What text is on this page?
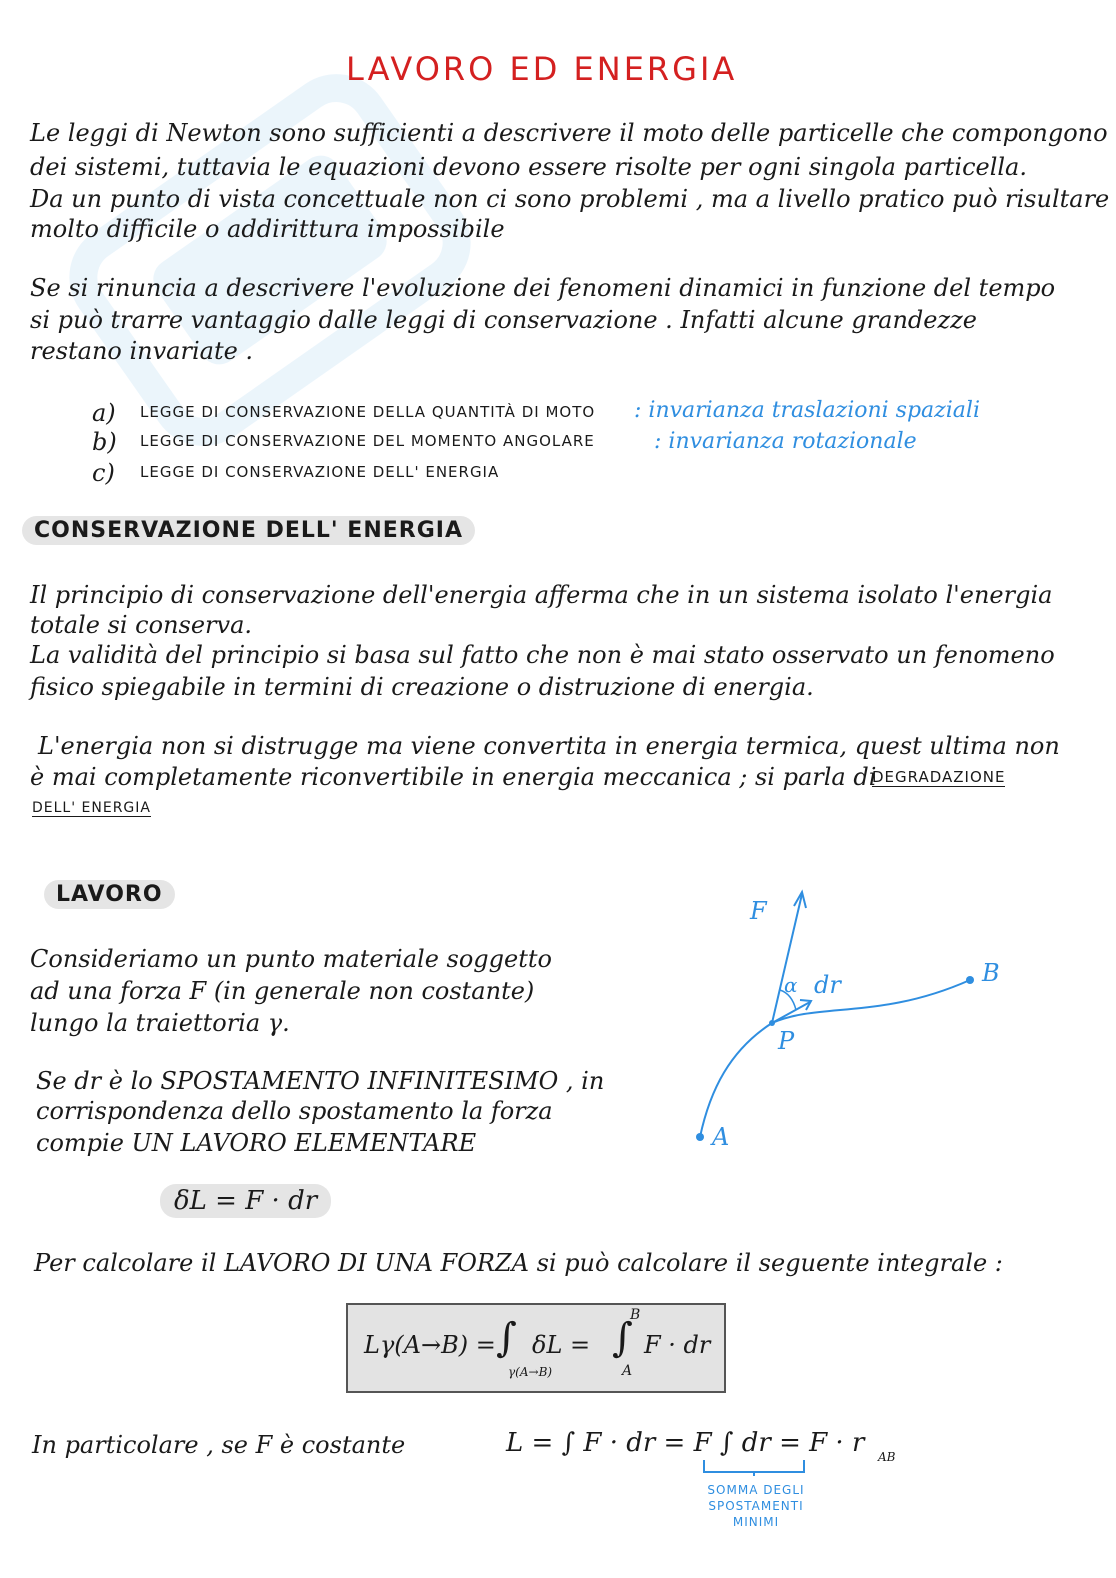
LAVORO ED ENERGIA
Le leggi di Newton sono sufficienti a descrivere il moto delle particelle che compongono
dei sistemi, tuttavia le equazioni devono essere risolte per ogni singola particella.
Da un punto di vista concettuale non ci sono problemi , ma a livello pratico può risultare
molto difficile o addirittura impossibile
Se si rinuncia a descrivere l'evoluzione dei fenomeni dinamici in funzione del tempo
si può trarre vantaggio dalle leggi di conservazione . Infatti alcune grandezze
restano invariate .
a) LEGGE DI CONSERVAZIONE DELLA QUANTITÀ DI MOTO : invarianza traslazioni spaziali
b) LEGGE DI CONSERVAZIONE DEL MOMENTO ANGOLARE	: invarianza rotazionale
c) LEGGE DI CONSERVAZIONE DELL' ENERGIA
CONSERVAZIONE DELL' ENERGIA
Il principio di conservazione dell'energia afferma che in un sistema isolato l'energia
totale si conserva.
La validità del principio si basa sul fatto che non è mai stato osservato un fenomeno
fisico spiegabile in termini di creazione o distruzione di energia.
L'energia non si distrugge ma viene convertita in energia termica, quest ultima non
è mai completamente riconvertibile in energia meccanica ; si parla di
DEGRADAZIONE
DELL' ENERGIA
LAVORO
Consideriamo un punto materiale soggetto
ad una forza F (in generale non costante)
lungo la traiettoria γ.
Se dr è lo SPOSTAMENTO INFINITESIMO , in
corrispondenza dello spostamento la forza
compie UN LAVORO ELEMENTARE
δL = F · dr
Per calcolare il LAVORO DI UNA FORZA si può calcolare il seguente integrale :
Lγ(A→B) = ∫
γ(A→B)
δL = ∫
B
A
F · dr
In particolare , se F è costante	L = ∫ F · dr = F ∫ dr = F · r AB
SOMMA DEGLI
SPOSTAMENTI
MINIMI
F
α dr
P
A
B
